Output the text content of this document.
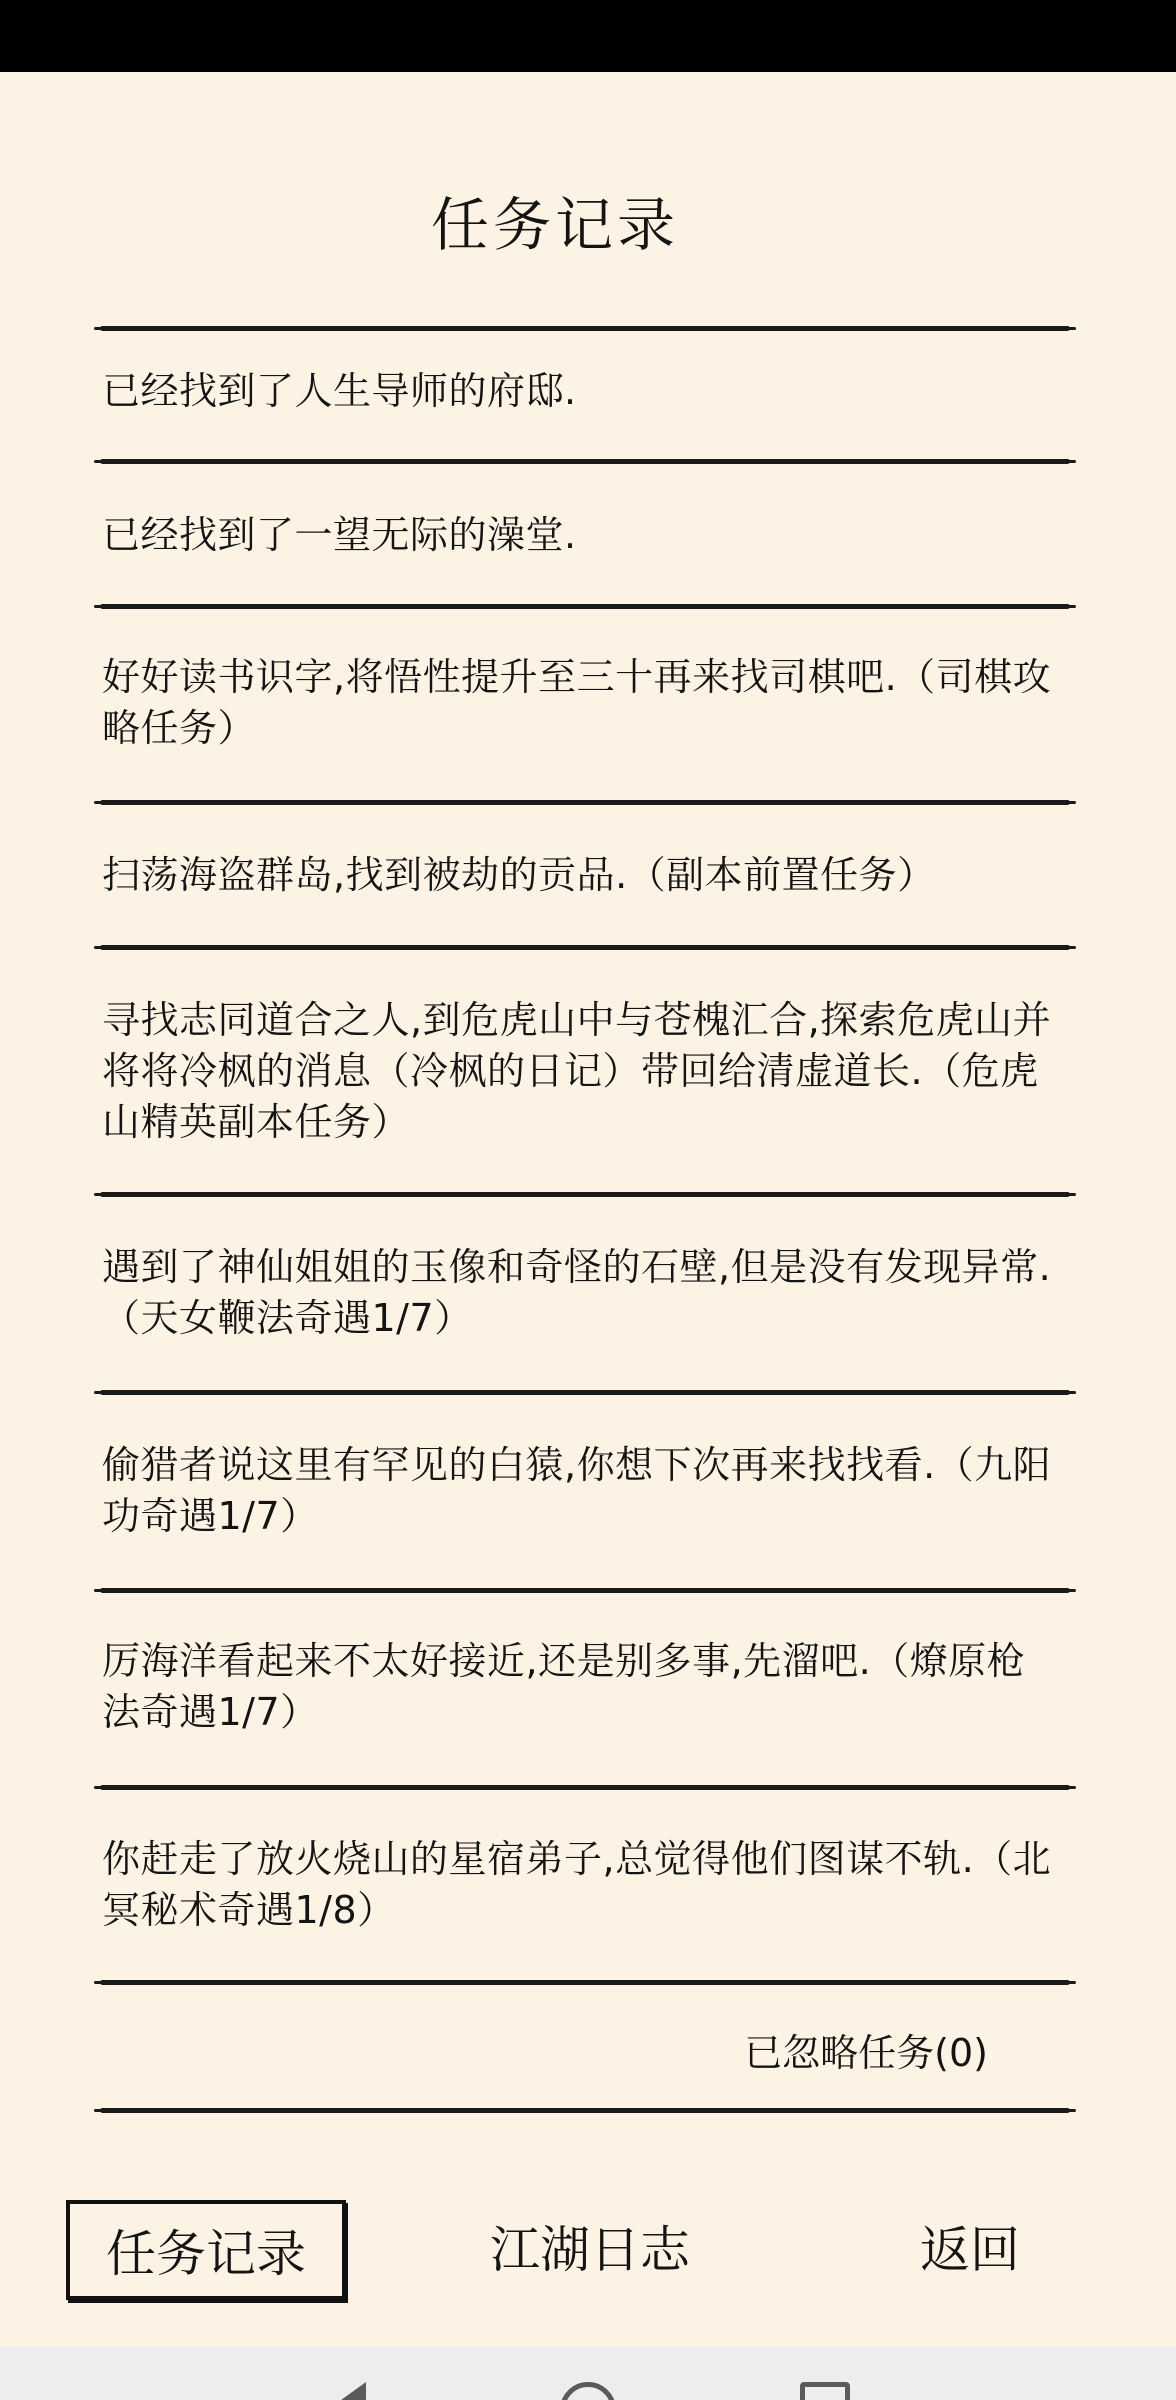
任务记录
已经找到了人生导师的府邸.
已经找到了一望无际的澡堂.
好好读书识字,将悟性提升至三十再来找司棋吧.（司棋攻略任务）
扫荡海盗群岛,找到被劫的贡品.（副本前置任务）
寻找志同道合之人,到危虎山中与苍槐汇合,探索危虎山并将将冷枫的消息（冷枫的日记）带回给清虚道长.（危虎山精英副本任务）
遇到了神仙姐姐的玉像和奇怪的石壁,但是没有发现异常.（天女鞭法奇遇1/7）
偷猎者说这里有罕见的白猿,你想下次再来找找看.（九阳功奇遇1/7）
厉海洋看起来不太好接近,还是别多事,先溜吧.（燎原枪法奇遇1/7）
你赶走了放火烧山的星宿弟子,总觉得他们图谋不轨.（北冥秘术奇遇1/8）
已忽略任务(0)
任务记录	江湖日志	返回
